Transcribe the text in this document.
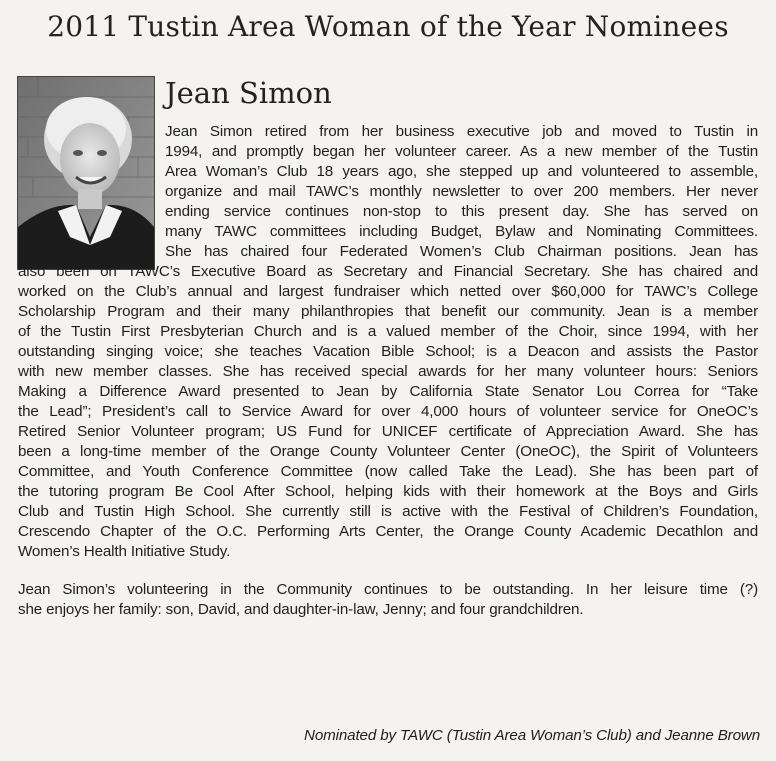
2011 Tustin Area Woman of the Year Nominees
Jean Simon
Jean Simon retired from her business executive job and moved to Tustin in
1994, and promptly began her volunteer career. As a new member of the Tustin
Area Woman’s Club 18 years ago, she stepped up and volunteered to assemble,
organize and mail TAWC’s monthly newsletter to over 200 members. Her never
ending service continues non-stop to this present day. She has served on
many TAWC committees including Budget, Bylaw and Nominating Committees.
She has chaired four Federated Women’s Club Chairman positions. Jean has
also been on TAWC’s Executive Board as Secretary and Financial Secretary. She has chaired and
worked on the Club’s annual and largest fundraiser which netted over $60,000 for TAWC’s College
Scholarship Program and their many philanthropies that benefit our community. Jean is a member
of the Tustin First Presbyterian Church and is a valued member of the Choir, since 1994, with her
outstanding singing voice; she teaches Vacation Bible School; is a Deacon and assists the Pastor
with new member classes. She has received special awards for her many volunteer hours: Seniors
Making a Difference Award presented to Jean by California State Senator Lou Correa for “Take
the Lead”; President’s call to Service Award for over 4,000 hours of volunteer service for OneOC’s
Retired Senior Volunteer program; US Fund for UNICEF certificate of Appreciation Award. She has
been a long-time member of the Orange County Volunteer Center (OneOC), the Spirit of Volunteers
Committee, and Youth Conference Committee (now called Take the Lead). She has been part of
the tutoring program Be Cool After School, helping kids with their homework at the Boys and Girls
Club and Tustin High School. She currently still is active with the Festival of Children’s Foundation,
Crescendo Chapter of the O.C. Performing Arts Center, the Orange County Academic Decathlon and
Women’s Health Initiative Study.
Jean Simon’s volunteering in the Community continues to be outstanding. In her leisure time (?)
she enjoys her family: son, David, and daughter-in-law, Jenny; and four grandchildren.
Nominated by TAWC (Tustin Area Woman’s Club) and Jeanne Brown
